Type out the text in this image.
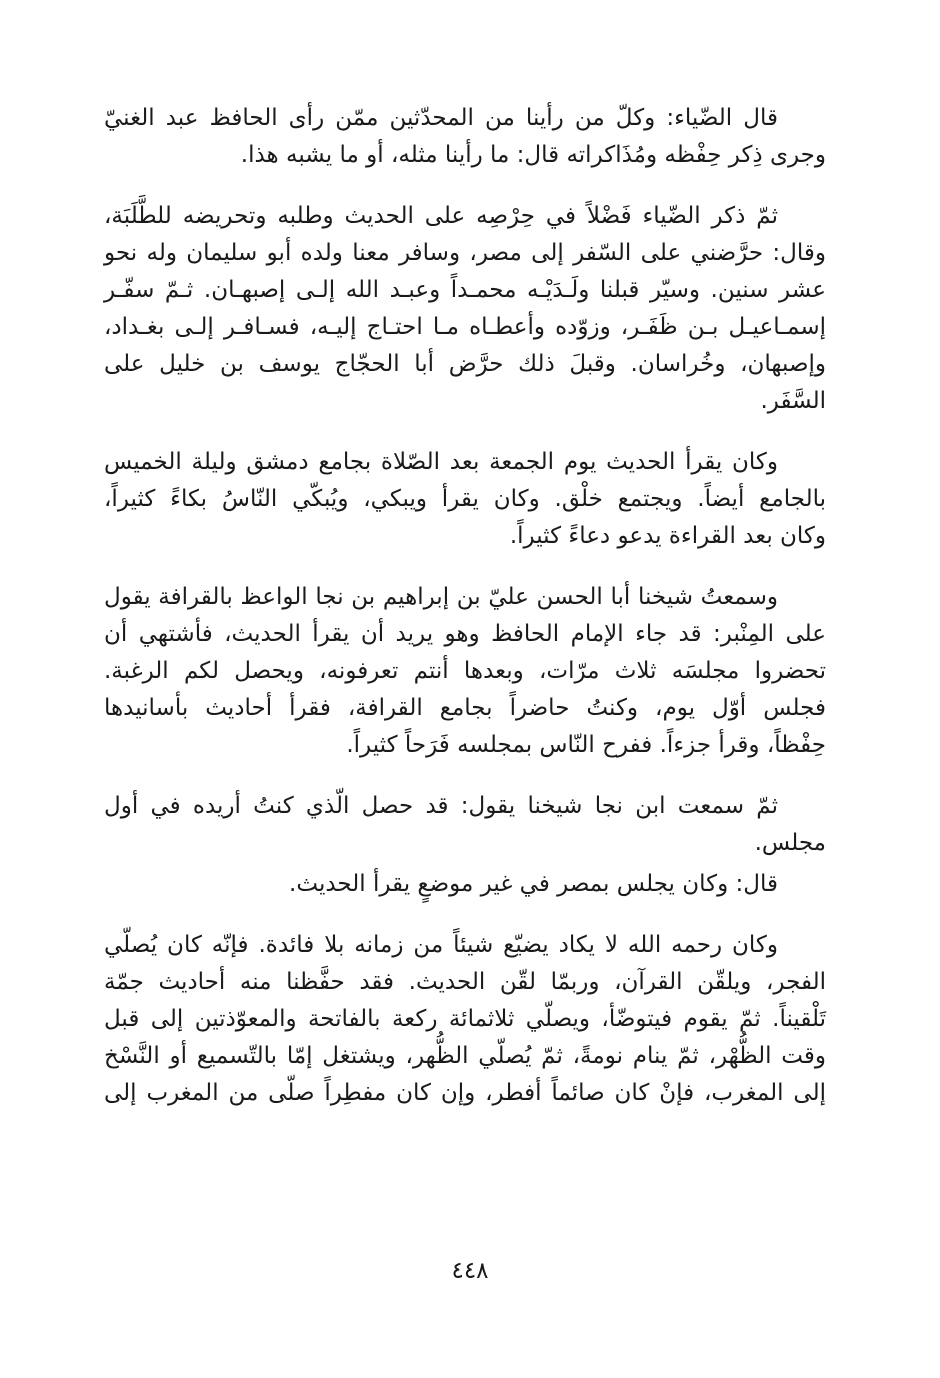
قال الضّياء: وكلّ من رأينا من المحدّثين ممّن رأى الحافظ عبد الغنيّ
وجرى ذِكر حِفْظه ومُذَاكراته قال: ما رأينا مثله، أو ما يشبه هذا.

ثمّ ذكر الضّياء فَضْلاً في حِرْصِه على الحديث وطلبه وتحريضه للطَّلَبَة،
وقال: حرَّضني على السّفر إلى مصر، وسافر معنا ولده أبو سليمان وله نحو
عشر سنين. وسيّر قبلنا ولَـدَيْـه محمـداً وعبـد الله إلـى إصبهـان. ثـمّ سفّـر
إسمـاعيـل بـن ظَفَـر، وزوّده وأعطـاه مـا احتـاج إليـه، فسـافـر إلـى بغـداد،
وإصبهان، وخُراسان. وقبلَ ذلك حرَّض أبا الحجّاج يوسف بن خليل على
السَّفَر.

وكان يقرأ الحديث يوم الجمعة بعد الصّلاة بجامع دمشق وليلة الخميس
بالجامع أيضاً. ويجتمع خلْق. وكان يقرأ ويبكي، ويُبكّي النّاسُ بكاءً كثيراً،
وكان بعد القراءة يدعو دعاءً كثيراً.

وسمعتُ شيخنا أبا الحسن عليّ بن إبراهيم بن نجا الواعظ بالقرافة يقول
على المِنْبر: قد جاء الإمام الحافظ وهو يريد أن يقرأ الحديث، فأشتهي أن
تحضروا مجلسَه ثلاث مرّات، وبعدها أنتم تعرفونه، ويحصل لكم الرغبة.
فجلس أوّل يوم، وكنتُ حاضراً بجامع القرافة، فقرأ أحاديث بأسانيدها
حِفْظاً، وقرأ جزءاً. ففرح النّاس بمجلسه فَرَحاً كثيراً.

ثمّ سمعت ابن نجا شيخنا يقول: قد حصل الّذي كنتُ أريده في أول
مجلس.

قال: وكان يجلس بمصر في غير موضعٍ يقرأ الحديث.

وكان رحمه الله لا يكاد يضيّع شيئاً من زمانه بلا فائدة. فإنّه كان يُصلّي
الفجر، ويلقّن القرآن، وربمّا لقّن الحديث. فقد حفَّظنا منه أحاديث جمّة
تَلْقيناً. ثمّ يقوم فيتوضّأ، ويصلّي ثلاثمائة ركعة بالفاتحة والمعوّذتين إلى قبل
وقت الظُّهْر، ثمّ ينام نومةً، ثمّ يُصلّي الظُّهر، ويشتغل إمّا بالتّسميع أو النَّسْخ
إلى المغرب، فإنْ كان صائماً أفطر، وإن كان مفطِراً صلّى من المغرب إلى

٤٤٨
